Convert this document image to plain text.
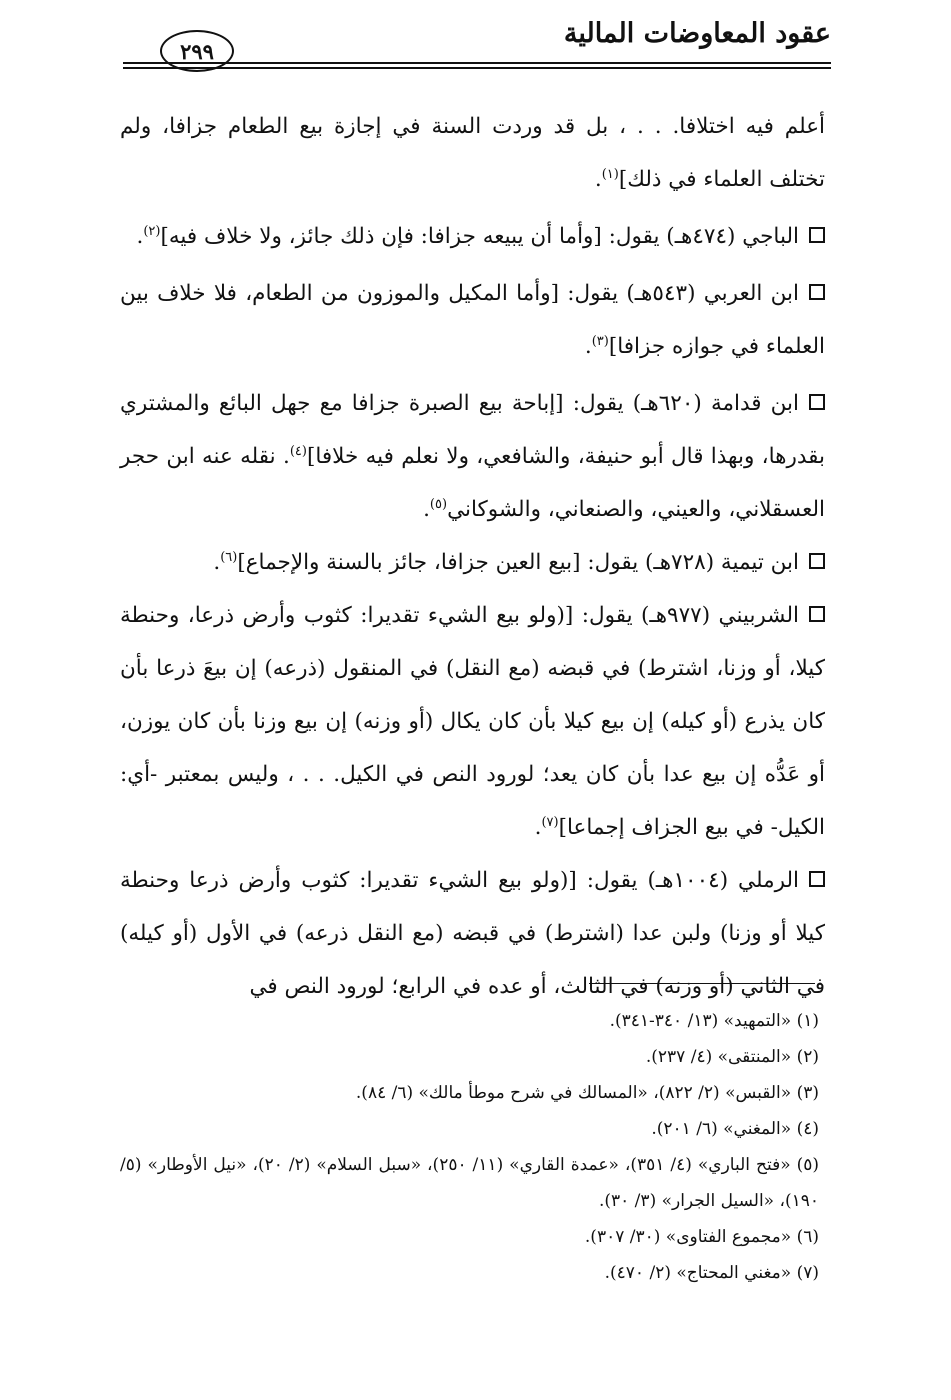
عقود المعاوضات المالية
٢٩٩

أعلم فيه اختلافا. . . ، بل قد وردت السنة في إجازة بيع الطعام جزافا، ولم تختلف العلماء في ذلك]$^{(١)}$.

الباجي (٤٧٤هـ) يقول: [وأما أن يبيعه جزافا: فإن ذلك جائز، ولا خلاف فيه]$^{(٢)}$.

ابن العربي (٥٤٣هـ) يقول: [وأما المكيل والموزون من الطعام، فلا خلاف بين العلماء في جوازه جزافا]$^{(٣)}$.

ابن قدامة (٦٢٠هـ) يقول: [إباحة بيع الصبرة جزافا مع جهل البائع والمشتري بقدرها، وبهذا قال أبو حنيفة، والشافعي، ولا نعلم فيه خلافا]$^{(٤)}$. نقله عنه ابن حجر العسقلاني، والعيني، والصنعاني، والشوكاني$^{(٥)}$.

ابن تيمية (٧٢٨هـ) يقول: [بيع العين جزافا، جائز بالسنة والإجماع]$^{(٦)}$.

الشربيني (٩٧٧هـ) يقول: [(ولو بيع الشيء تقديرا: كثوب وأرض ذرعا، وحنطة كيلا، أو وزنا، اشترط) في قبضه (مع النقل) في المنقول (ذرعه) إن بيعَ ذرعا بأن كان يذرع (أو كيله) إن بيع كيلا بأن كان يكال (أو وزنه) إن بيع وزنا بأن كان يوزن، أو عَدُّه إن بيع عدا بأن كان يعد؛ لورود النص في الكيل. . . ، وليس بمعتبر -أي: الكيل- في بيع الجزاف إجماعا]$^{(٧)}$.

الرملي (١٠٠٤هـ) يقول: [(ولو بيع الشيء تقديرا: كثوب وأرض ذرعا وحنطة كيلا أو وزنا) ولبن عدا (اشترط) في قبضه (مع النقل ذرعه) في الأول (أو كيله) في الثاني (أو وزنه) في الثالث، أو عده في الرابع؛ لورود النص في

(١) «التمهيد» (١٣/ ٣٤٠-٣٤١).

(٢) «المنتقى» (٤/ ٢٣٧).

(٣) «القبس» (٢/ ٨٢٢)، «المسالك في شرح موطأ مالك» (٦/ ٨٤).

(٤) «المغني» (٦/ ٢٠١).

(٥) «فتح الباري» (٤/ ٣٥١)، «عمدة القاري» (١١/ ٢٥٠)، «سبل السلام» (٢/ ٢٠)، «نيل الأوطار» (٥/ ١٩٠)، «السيل الجرار» (٣/ ٣٠).

(٦) «مجموع الفتاوى» (٣٠/ ٣٠٧).

(٧) «مغني المحتاج» (٢/ ٤٧٠).
